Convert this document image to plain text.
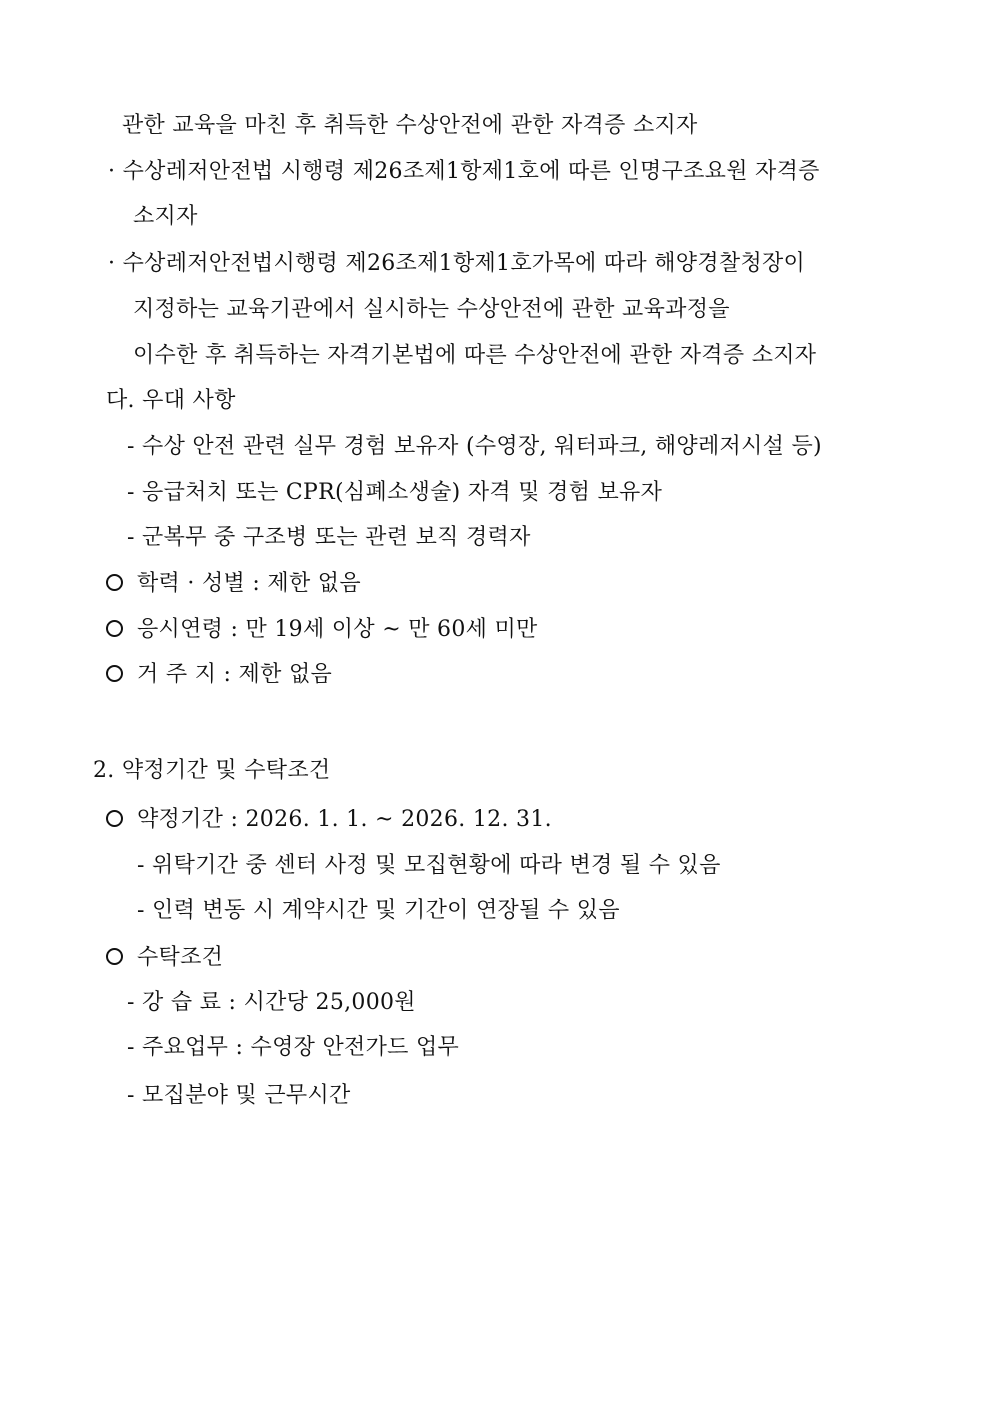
관한 교육을 마친 후 취득한 수상안전에 관한 자격증 소지자
· 수상레저안전법 시행령 제26조제1항제1호에 따른 인명구조요원 자격증
소지자
· 수상레저안전법시행령 제26조제1항제1호가목에 따라 해양경찰청장이
지정하는 교육기관에서 실시하는 수상안전에 관한 교육과정을
이수한 후 취득하는 자격기본법에 따른 수상안전에 관한 자격증 소지자
다. 우대 사항
- 수상 안전 관련 실무 경험 보유자 (수영장, 워터파크, 해양레저시설 등)
- 응급처치 또는 CPR(심폐소생술) 자격 및 경험 보유자
- 군복무 중 구조병 또는 관련 보직 경력자
학력 · 성별 : 제한 없음
응시연령 : 만 19세 이상 ~ 만 60세 미만
거 주 지 : 제한 없음
2. 약정기간 및 수탁조건
약정기간 : 2026. 1. 1. ~ 2026. 12. 31.
- 위탁기간 중 센터 사정 및 모집현황에 따라 변경 될 수 있음
- 인력 변동 시 계약시간 및 기간이 연장될 수 있음
수탁조건
- 강 습 료 : 시간당 25,000원
- 주요업무 : 수영장 안전가드 업무
- 모집분야 및 근무시간
